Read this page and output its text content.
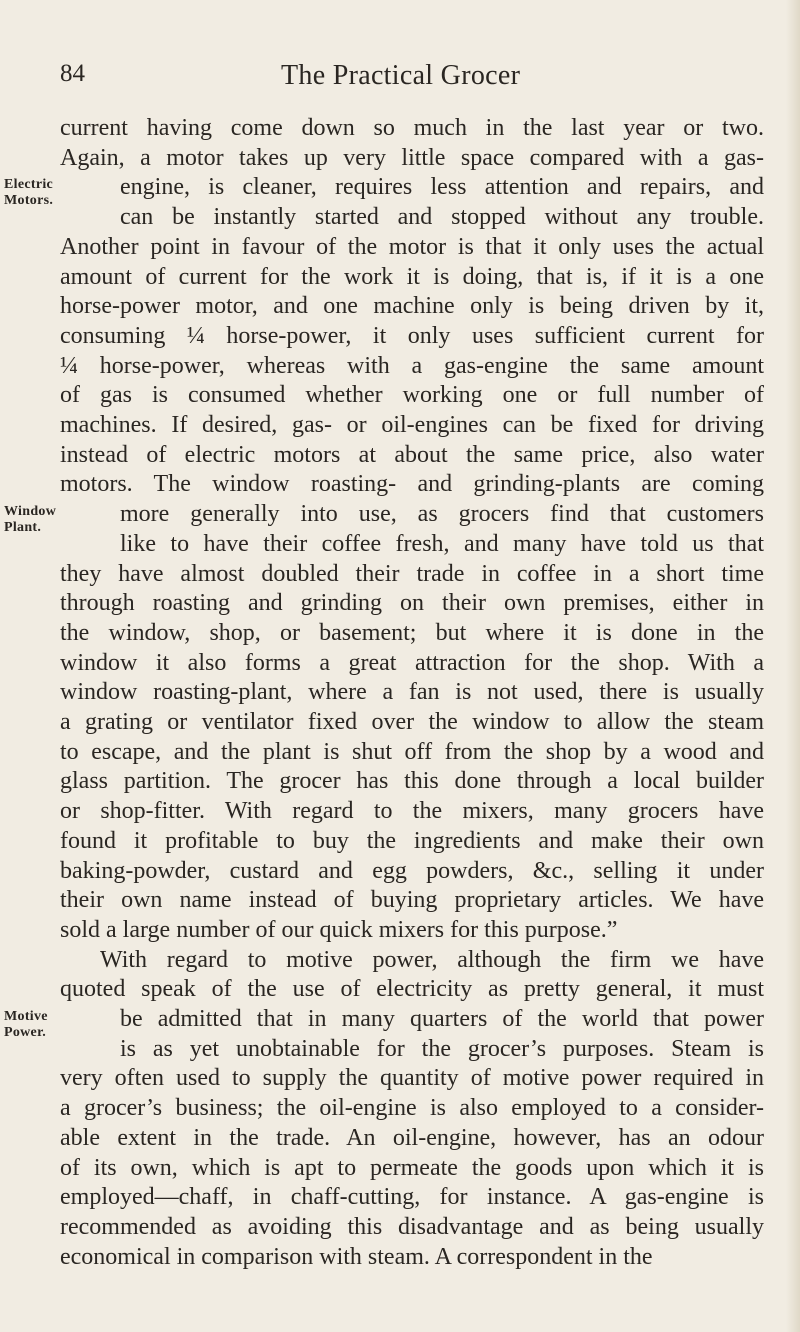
84	The Practical Grocer
current having come down so much in the last year or two.
Again, a motor takes up very little space compared with a gas-
engine, is cleaner, requires less attention and repairs, and
can be instantly started and stopped without any trouble.
Another point in favour of the motor is that it only uses the actual
amount of current for the work it is doing, that is, if it is a one
horse-power motor, and one machine only is being driven by it,
consuming ¼ horse-power, it only uses sufficient current for
¼ horse-power, whereas with a gas-engine the same amount
of gas is consumed whether working one or full number of
machines. If desired, gas- or oil-engines can be fixed for driving
instead of electric motors at about the same price, also water
motors. The window roasting- and grinding-plants are coming
more generally into use, as grocers find that customers
like to have their coffee fresh, and many have told us that
they have almost doubled their trade in coffee in a short time
through roasting and grinding on their own premises, either in
the window, shop, or basement; but where it is done in the
window it also forms a great attraction for the shop. With a
window roasting-plant, where a fan is not used, there is usually
a grating or ventilator fixed over the window to allow the steam
to escape, and the plant is shut off from the shop by a wood and
glass partition. The grocer has this done through a local builder
or shop-fitter. With regard to the mixers, many grocers have
found it profitable to buy the ingredients and make their own
baking-powder, custard and egg powders, &c., selling it under
their own name instead of buying proprietary articles. We have
sold a large number of our quick mixers for this purpose.”
With regard to motive power, although the firm we have
quoted speak of the use of electricity as pretty general, it must
be admitted that in many quarters of the world that power
is as yet unobtainable for the grocer’s purposes. Steam is
very often used to supply the quantity of motive power required in
a grocer’s business; the oil-engine is also employed to a consider-
able extent in the trade. An oil-engine, however, has an odour
of its own, which is apt to permeate the goods upon which it is
employed—chaff, in chaff-cutting, for instance. A gas-engine is
recommended as avoiding this disadvantage and as being usually
economical in comparison with steam. A correspondent in the
Electric
Motors.
Window
Plant.
Motive
Power.
